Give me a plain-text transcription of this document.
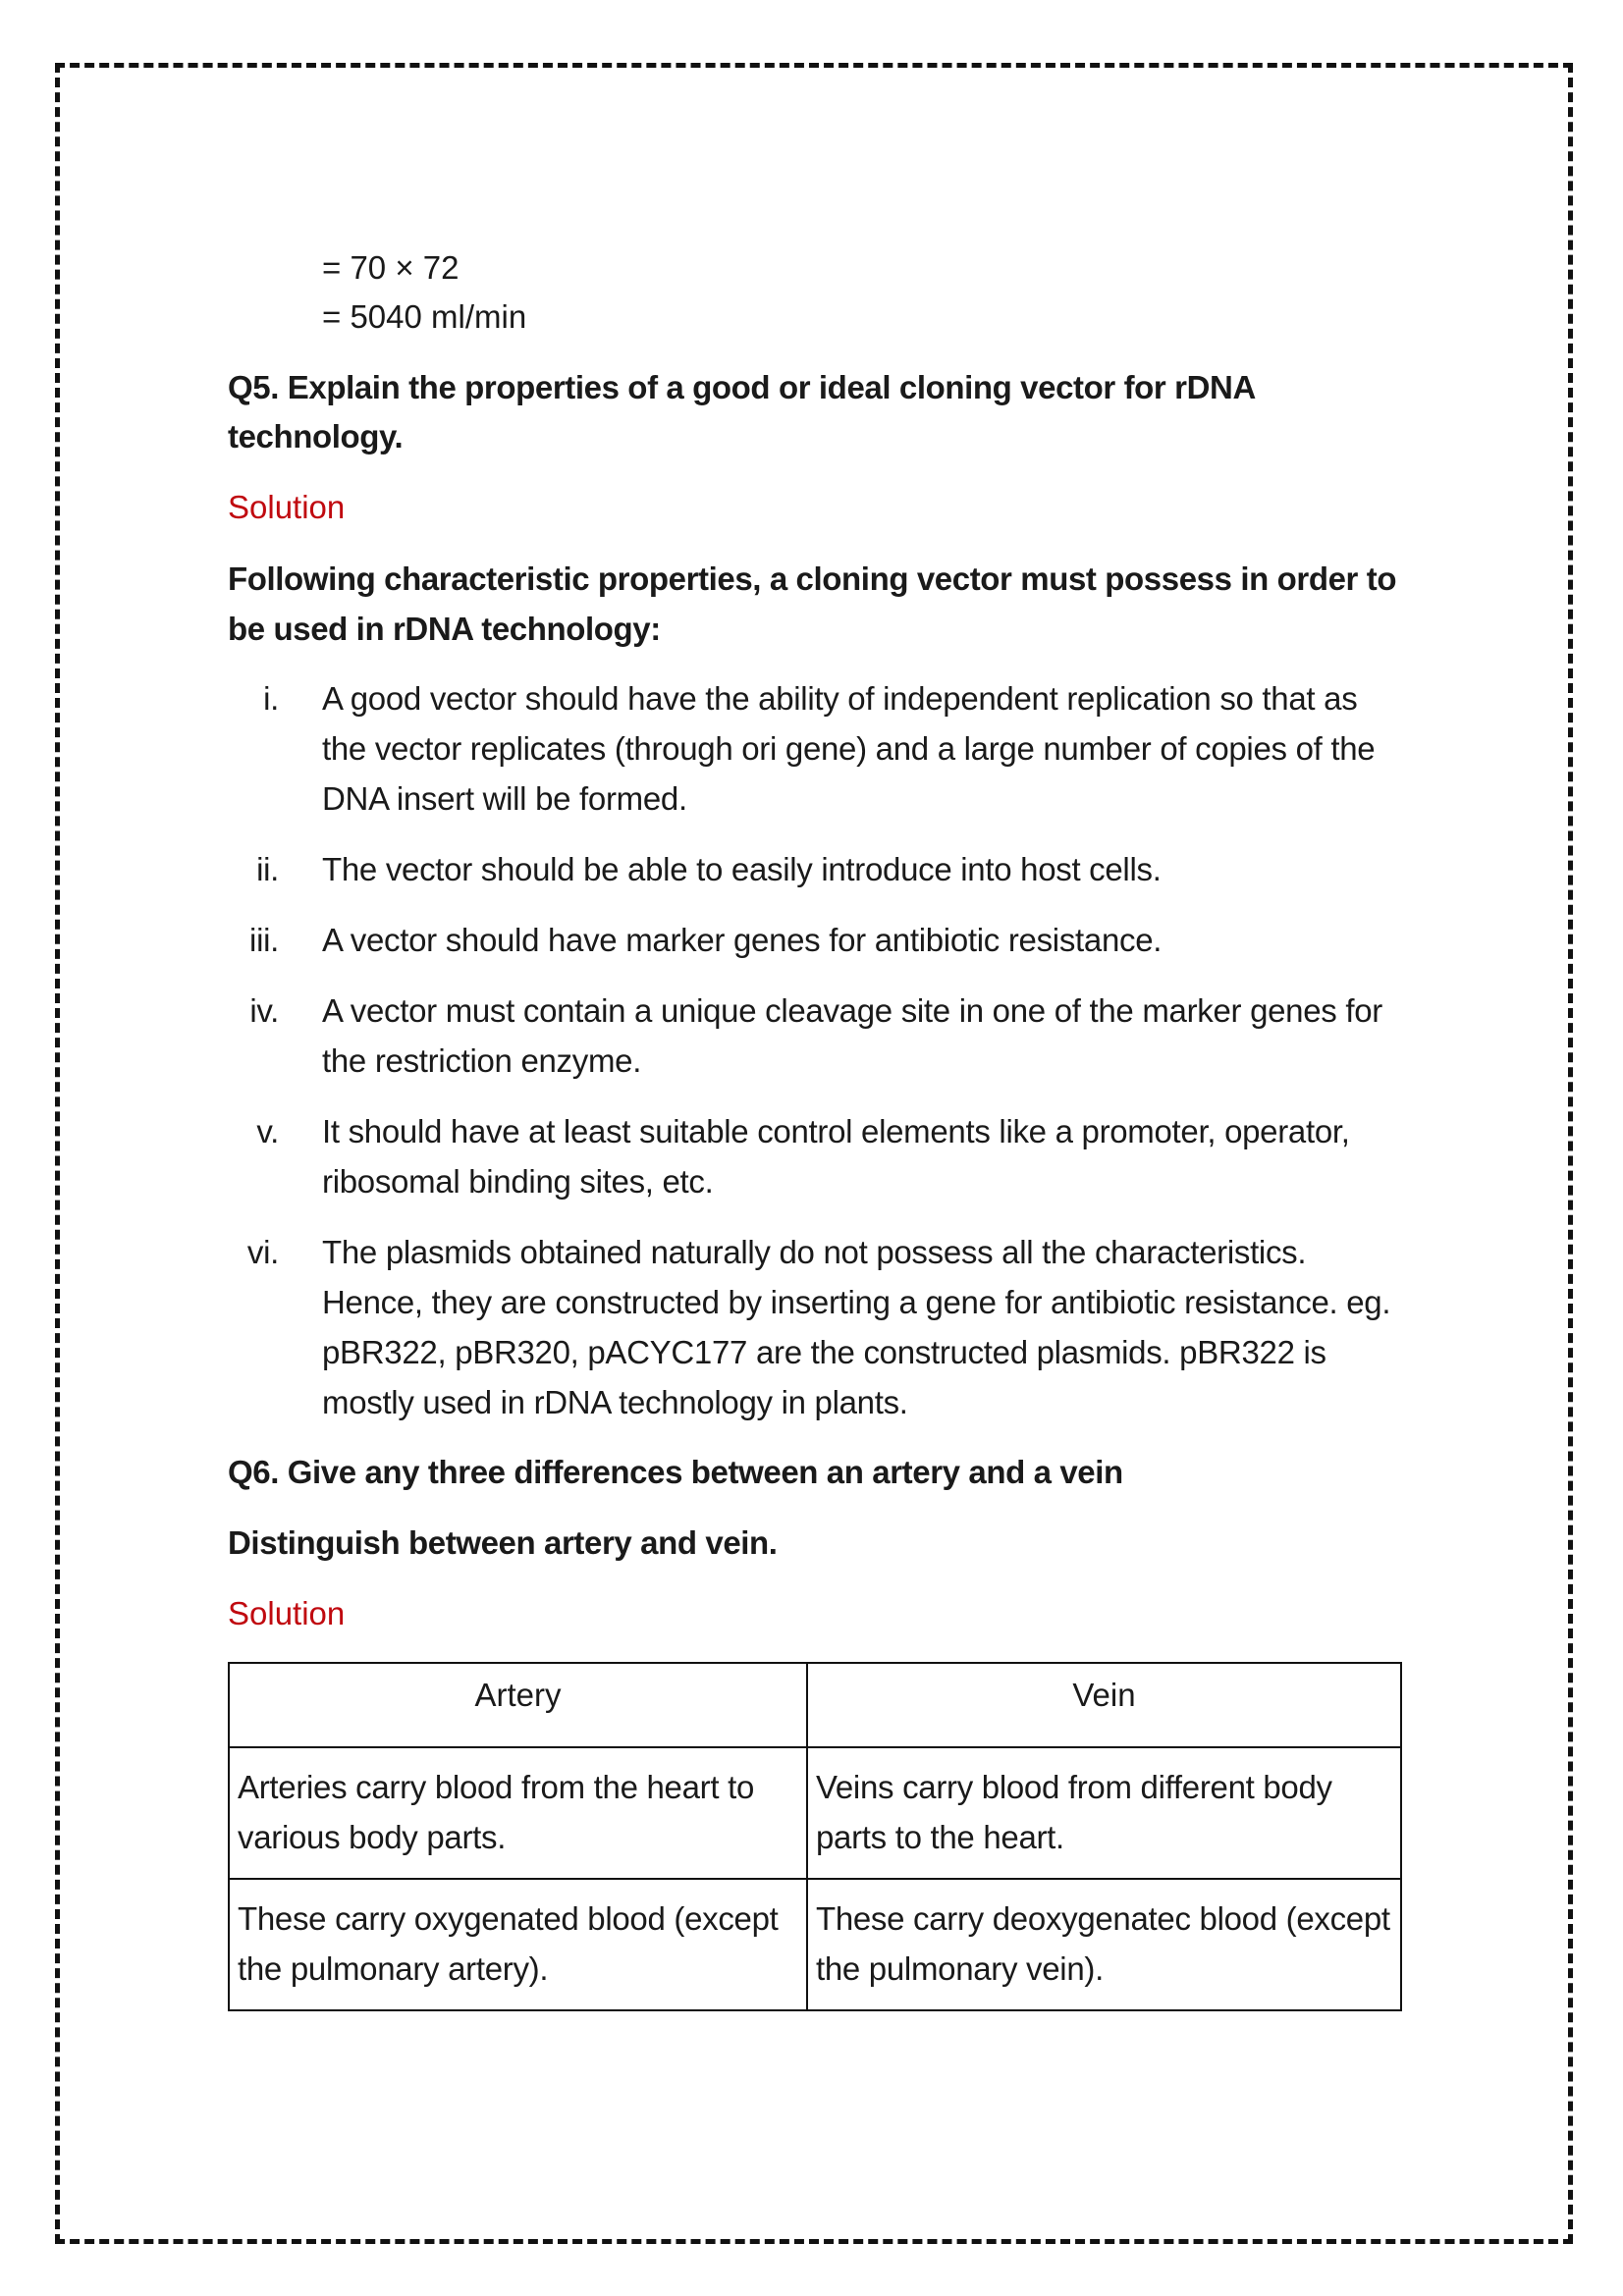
= 70 × 72

= 5040 ml/min

Q5. Explain the properties of a good or ideal cloning vector for rDNA technology.

Solution

Following characteristic properties, a cloning vector must possess in order to be used in rDNA technology:

i.	A good vector should have the ability of independent replication so that as the vector replicates (through ori gene) and a large number of copies of the DNA insert will be formed.
ii.	The vector should be able to easily introduce into host cells.
iii.	A vector should have marker genes for antibiotic resistance.
iv.	A vector must contain a unique cleavage site in one of the marker genes for the restriction enzyme.
v.	It should have at least suitable control elements like a promoter, operator, ribosomal binding sites, etc.
vi.	The plasmids obtained naturally do not possess all the characteristics. Hence, they are constructed by inserting a gene for antibiotic resistance. eg. pBR322, pBR320, pACYC177 are the constructed plasmids. pBR322 is mostly used in rDNA technology in plants.

Q6. Give any three differences between an artery and a vein

Distinguish between artery and vein.

Solution

Artery	Vein
Arteries carry blood from the heart to various body parts.	Veins carry blood from different body parts to the heart.
These carry oxygenated blood (except the pulmonary artery).	These carry deoxygenatec blood (except the pulmonary vein).
